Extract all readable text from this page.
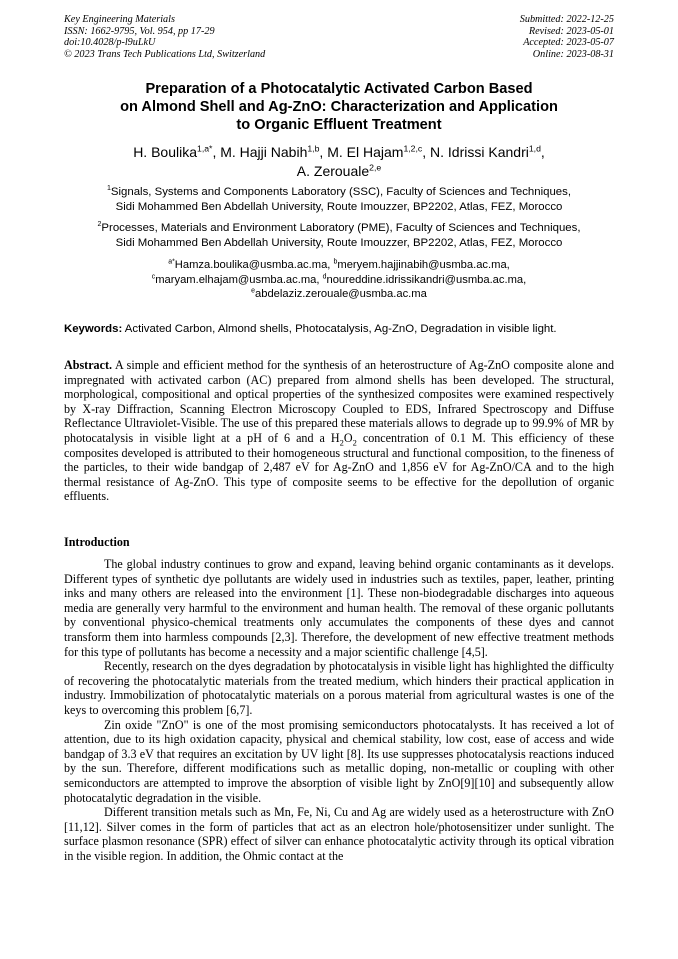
Key Engineering Materials
ISSN: 1662-9795, Vol. 954, pp 17-29
doi:10.4028/p-l9uLkU
© 2023 Trans Tech Publications Ltd, Switzerland
Submitted: 2022-12-25
Revised: 2023-05-01
Accepted: 2023-05-07
Online: 2023-08-31
Preparation of a Photocatalytic Activated Carbon Based
on Almond Shell and Ag-ZnO: Characterization and Application
to Organic Effluent Treatment
H. Boulika$^{1,a*}$, M. Hajji Nabih$^{1,b}$, M. El Hajam$^{1,2,c}$, N. Idrissi Kandri$^{1,d}$,
A. Zerouale$^{2,e}$
$^1$Signals, Systems and Components Laboratory (SSC), Faculty of Sciences and Techniques,
Sidi Mohammed Ben Abdellah University, Route Imouzzer, BP2202, Atlas, FEZ, Morocco
$^2$Processes, Materials and Environment Laboratory (PME), Faculty of Sciences and Techniques,
Sidi Mohammed Ben Abdellah University, Route Imouzzer, BP2202, Atlas, FEZ, Morocco
$^{a*}$Hamza.boulika@usmba.ac.ma, $^b$meryem.hajjinabih@usmba.ac.ma,
$^c$maryam.elhajam@usmba.ac.ma, $^d$noureddine.idrissikandri@usmba.ac.ma,
$^e$abdelaziz.zerouale@usmba.ac.ma
Keywords: Activated Carbon, Almond shells, Photocatalysis, Ag-ZnO, Degradation in visible light.
Abstract. A simple and efficient method for the synthesis of an heterostructure of Ag-ZnO composite alone and impregnated with activated carbon (AC) prepared from almond shells has been developed. The structural, morphological, compositional and optical properties of the synthesized composites were examined respectively by X-ray Diffraction, Scanning Electron Microscopy Coupled to EDS, Infrared Spectroscopy and Diffuse Reflectance Ultraviolet-Visible. The use of this prepared these materials allows to degrade up to 99.9% of MR by photocatalysis in visible light at a pH of 6 and a $H_2O_2$ concentration of 0.1 M. This efficiency of these composites developed is attributed to their homogeneous structural and functional composition, to the fineness of the particles, to their wide bandgap of 2,487 eV for Ag-ZnO and 1,856 eV for Ag-ZnO/CA and to the high thermal resistance of Ag-ZnO. This type of composite seems to be effective for the depollution of organic effluents.
Introduction

The global industry continues to grow and expand, leaving behind organic contaminants as it develops. Different types of synthetic dye pollutants are widely used in industries such as textiles, paper, leather, printing inks and many others are released into the environment [1]. These non-biodegradable discharges into aqueous media are generally very harmful to the environment and human health. The removal of these organic pollutants by conventional physico-chemical treatments only accumulates the components of these dyes and cannot transform them into harmless compounds [2,3]. Therefore, the development of new effective treatment methods for this type of pollutants has become a necessity and a major scientific challenge [4,5].

Recently, research on the dyes degradation by photocatalysis in visible light has highlighted the difficulty of recovering the photocatalytic materials from the treated medium, which hinders their practical application in industry. Immobilization of photocatalytic materials on a porous material from agricultural wastes is one of the keys to overcoming this problem [6,7].

Zin oxide "ZnO" is one of the most promising semiconductors photocatalysts. It has received a lot of attention, due to its high oxidation capacity, physical and chemical stability, low cost, ease of access and wide bandgap of 3.3 eV that requires an excitation by UV light [8]. Its use suppresses photocatalysis reactions induced by the sun. Therefore, different modifications such as metallic doping, non-metallic or coupling with other semiconductors are attempted to improve the absorption of visible light by ZnO[9][10] and subsequently allow photocatalytic degradation in the visible.

Different transition metals such as Mn, Fe, Ni, Cu and Ag are widely used as a heterostructure with ZnO [11,12]. Silver comes in the form of particles that act as an electron hole/photosensitizer under sunlight. The surface plasmon resonance (SPR) effect of silver can enhance photocatalytic activity through its optical vibration in the visible region. In addition, the Ohmic contact at the
